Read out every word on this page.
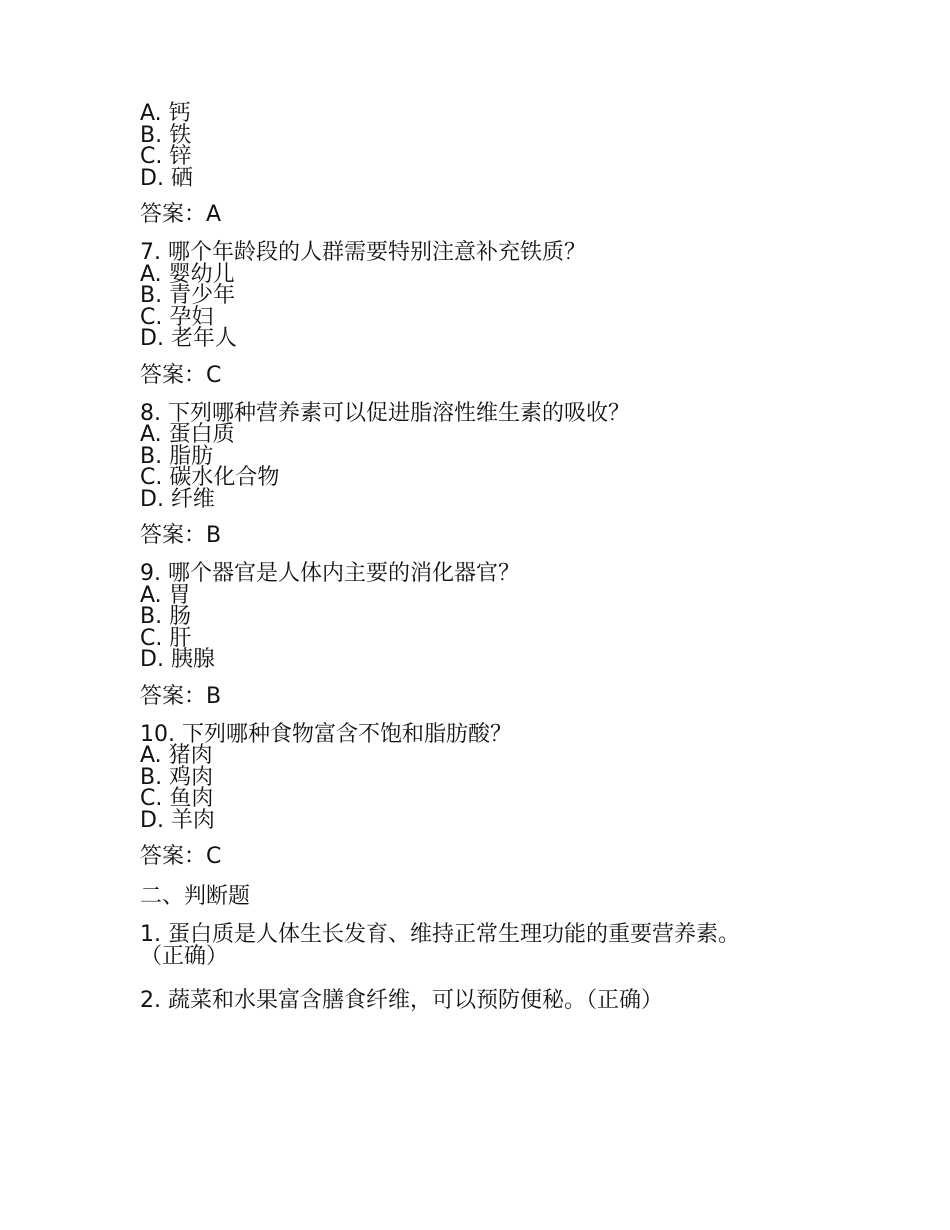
A. 钙
B. 铁
C. 锌
D. 硒
答案：A
7. 哪个年龄段的人群需要特别注意补充铁质？
A. 婴幼儿
B. 青少年
C. 孕妇
D. 老年人
答案：C
8. 下列哪种营养素可以促进脂溶性维生素的吸收？
A. 蛋白质
B. 脂肪
C. 碳水化合物
D. 纤维
答案：B
9. 哪个器官是人体内主要的消化器官？
A. 胃
B. 肠
C. 肝
D. 胰腺
答案：B
10. 下列哪种食物富含不饱和脂肪酸？
A. 猪肉
B. 鸡肉
C. 鱼肉
D. 羊肉
答案：C
二、判断题
1. 蛋白质是人体生长发育、维持正常生理功能的重要营养素。（正确）
2. 蔬菜和水果富含膳食纤维，可以预防便秘。（正确）
